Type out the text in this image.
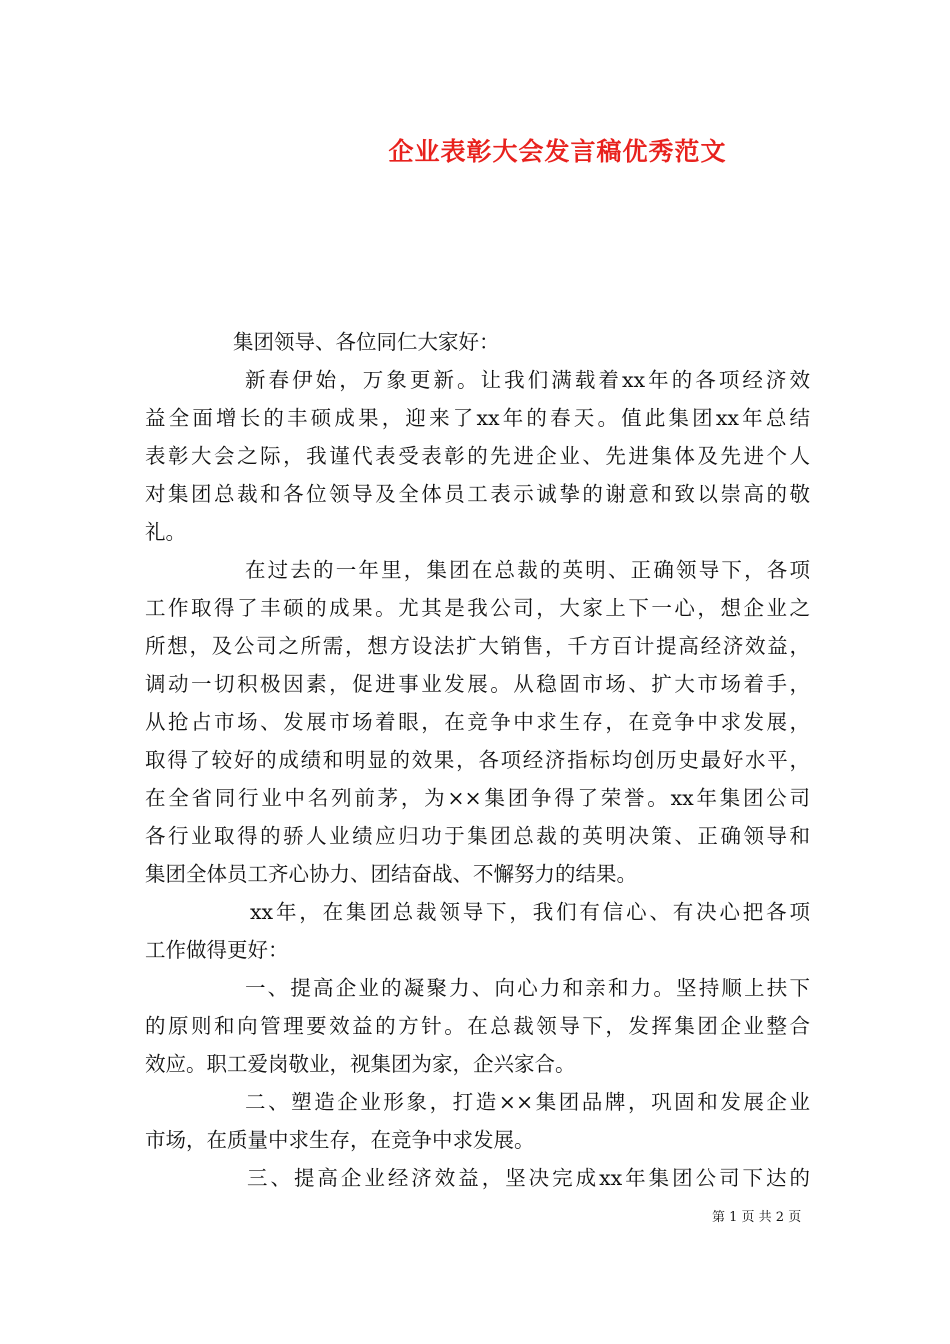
企业表彰大会发言稿优秀范文
集团领导、各位同仁大家好：
新春伊始，万象更新。让我们满载着xx年的各项经济效
益全面增长的丰硕成果，迎来了xx年的春天。值此集团xx年总结
表彰大会之际，我谨代表受表彰的先进企业、先进集体及先进个人
对集团总裁和各位领导及全体员工表示诚挚的谢意和致以崇高的敬
礼。
在过去的一年里，集团在总裁的英明、正确领导下，各项
工作取得了丰硕的成果。尤其是我公司，大家上下一心，想企业之
所想，及公司之所需，想方设法扩大销售，千方百计提高经济效益，
调动一切积极因素，促进事业发展。从稳固市场、扩大市场着手，
从抢占市场、发展市场着眼，在竞争中求生存，在竞争中求发展，
取得了较好的成绩和明显的效果，各项经济指标均创历史最好水平，
在全省同行业中名列前茅，为××集团争得了荣誉。xx年集团公司
各行业取得的骄人业绩应归功于集团总裁的英明决策、正确领导和
集团全体员工齐心协力、团结奋战、不懈努力的结果。
xx年，在集团总裁领导下，我们有信心、有决心把各项
工作做得更好：
一、提高企业的凝聚力、向心力和亲和力。坚持顺上扶下
的原则和向管理要效益的方针。在总裁领导下，发挥集团企业整合
效应。职工爱岗敬业，视集团为家，企兴家合。
二、塑造企业形象，打造××集团品牌，巩固和发展企业
市场，在质量中求生存，在竞争中求发展。
三、提高企业经济效益，坚决完成xx年集团公司下达的
第 1 页 共 2 页
